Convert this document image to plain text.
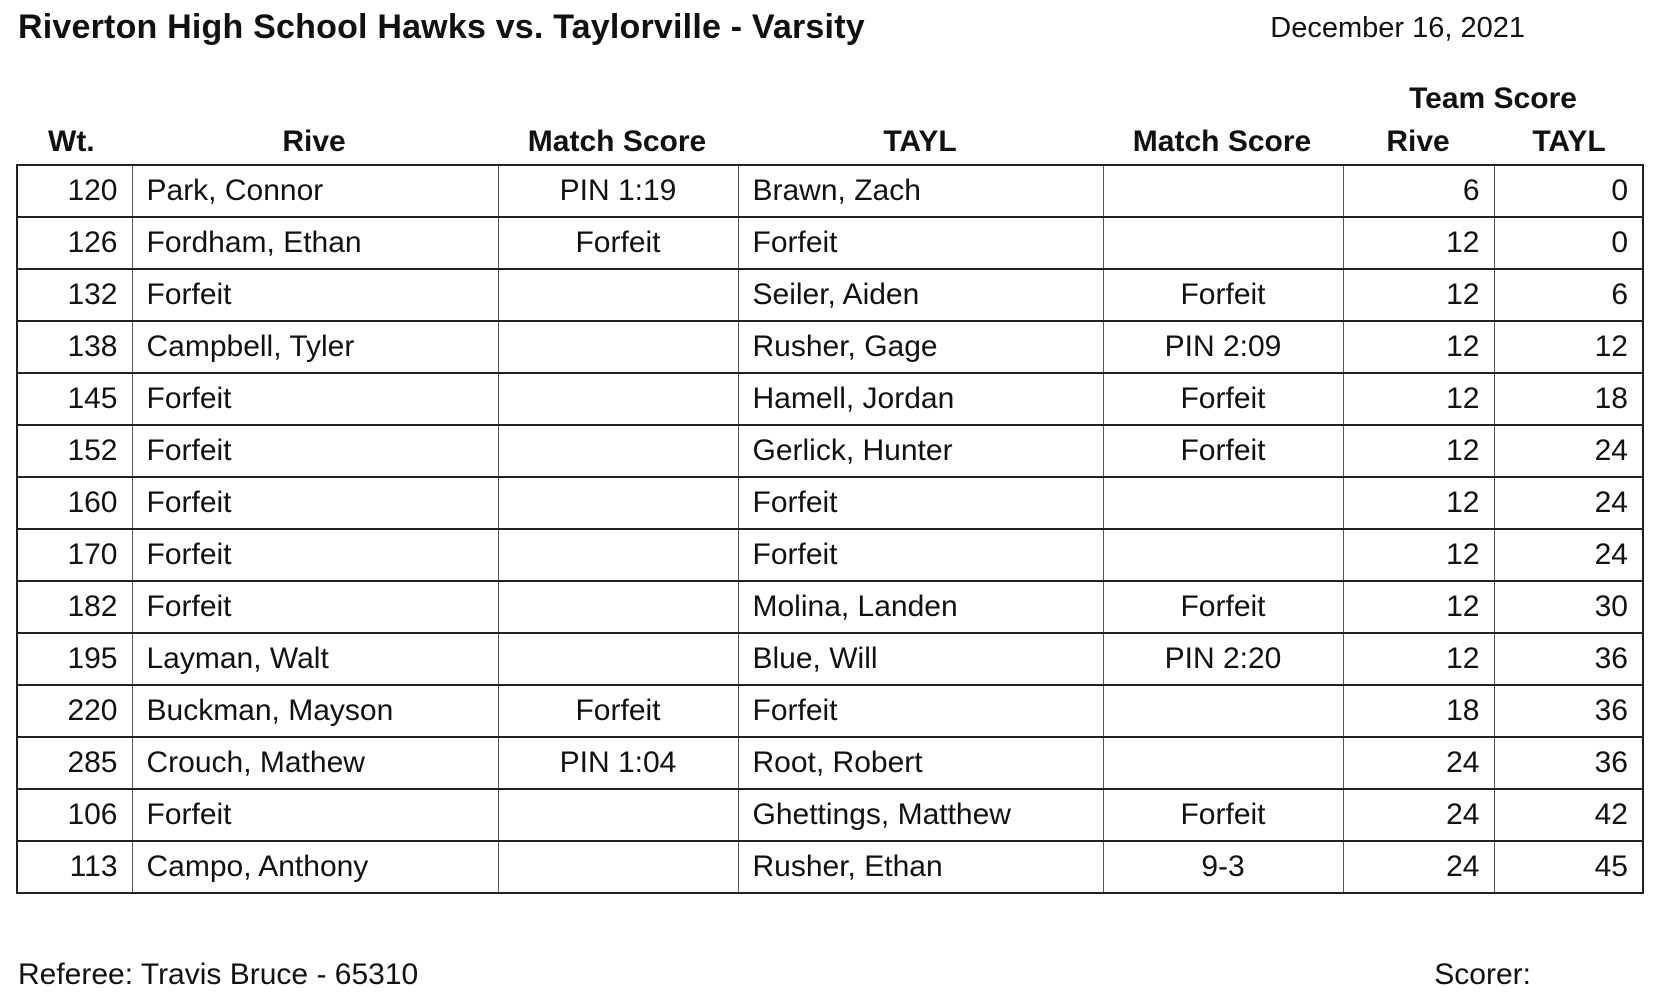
Riverton High School Hawks vs. Taylorville - Varsity	December 16, 2021
Wt.	Rive	Match Score	TAYL	Match Score
Team Score
Rive	TAYL
120	Park, Connor	PIN 1:19	Brawn, Zach		6	0
126	Fordham, Ethan	Forfeit	Forfeit		12	0
132	Forfeit		Seiler, Aiden	Forfeit	12	6
138	Campbell, Tyler		Rusher, Gage	PIN 2:09	12	12
145	Forfeit		Hamell, Jordan	Forfeit	12	18
152	Forfeit		Gerlick, Hunter	Forfeit	12	24
160	Forfeit		Forfeit		12	24
170	Forfeit		Forfeit		12	24
182	Forfeit		Molina, Landen	Forfeit	12	30
195	Layman, Walt		Blue, Will	PIN 2:20	12	36
220	Buckman, Mayson	Forfeit	Forfeit		18	36
285	Crouch, Mathew	PIN 1:04	Root, Robert		24	36
106	Forfeit		Ghettings, Matthew	Forfeit	24	42
113	Campo, Anthony		Rusher, Ethan	9-3	24	45
Referee: Travis Bruce - 65310	Scorer:
